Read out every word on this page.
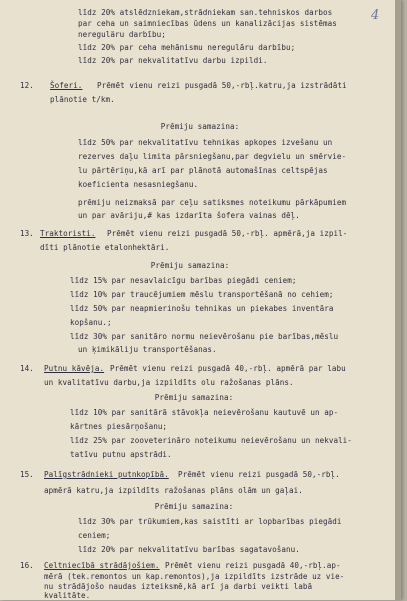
4
līdz 20% atslēdzniekam,strādniekam san.tehniskos darbos
par ceha un saimniecības ūdens un kanalizācijas sistēmas
nereguläru darbību;
līdz 20% par ceha mehānismu neregulāru darbību;
līdz 20% par nekvalitatīvu darbu izpildi.
12. Šoferi. Prēmēt vienu reizi pusgadā 50,-rbļ.katru,ja izstrādāti
plānotie t/km.
Prēmiju samazina:
līdz 50% par nekvalitatīvu tehnikas apkopes izvešanu un
rezerves daļu limita pārsniegšanu,par degvielu un smērvie-
lu pārtēriņu,kā arī par plānotā automašīnas celtspējas
koeficienta nesasniegšanu.
prēmiju neizmaksā par ceļu satiksmes noteikumu pārkāpumiem
un par avāriju,# kas izdarīta šofera vainas dēļ.
13. Traktoristi. Prēmēt vienu reizi pusgadā 50,-rbļ. apmērā,ja izpil-
dīti plānotie etalonhektāri.
Prēmiju samazina:
līdz 15% par nesavlaicīgu barības piegādi ceniem;
līdz 10% par traucējumiem mēslu transportēšanā no cehiem;
līdz 50% par neapmierinošu tehnikas un piekabes inventāra
kopšanu.;
līdz 30% par sanitāro normu neievērošanu pie barības,mēslu
un ķimikāliju transportēšanas.
14. Putnu kāvēja. Prēmēt vienu reizi pusgadā 40,-rbļ. apmērā par labu
un kvalitatīvu darbu,ja izpildīts olu ražošanas plāns.
Prēmiju samazina:
līdz 10% par sanitārā stāvokļa neievērošanu kautuvē un ap-
kārtnes piesārņošanu;
līdz 25% par zooveterināro noteikumu neievērošanu un nekvali-
tatīvu putnu apstrādi.
15. Palīgstrādnieki putnkopībā. Prēmēt vienu reizi pusgadā 50,-rbļ.
apmērā katru,ja izpildīts ražošanas plāns olām un gaļai.
Prēmiju samazina:
līdz 30% par trūkumiem,kas saistīti ar lopbarības piegādi
ceniem;
līdz 20% par nekvalitatīvu barības sagatavošanu.
16. Celtniecībā strādājošiem. Prēmēt vienu reizi pusgadā 40,-rbļ.ap-
mērā (tek.remontos un kap.remontos),ja izpildīts izstrāde uz vie-
nu strādājošo naudas izteiksmē,kā arī ja darbi veikti labā
kvalitāte.
